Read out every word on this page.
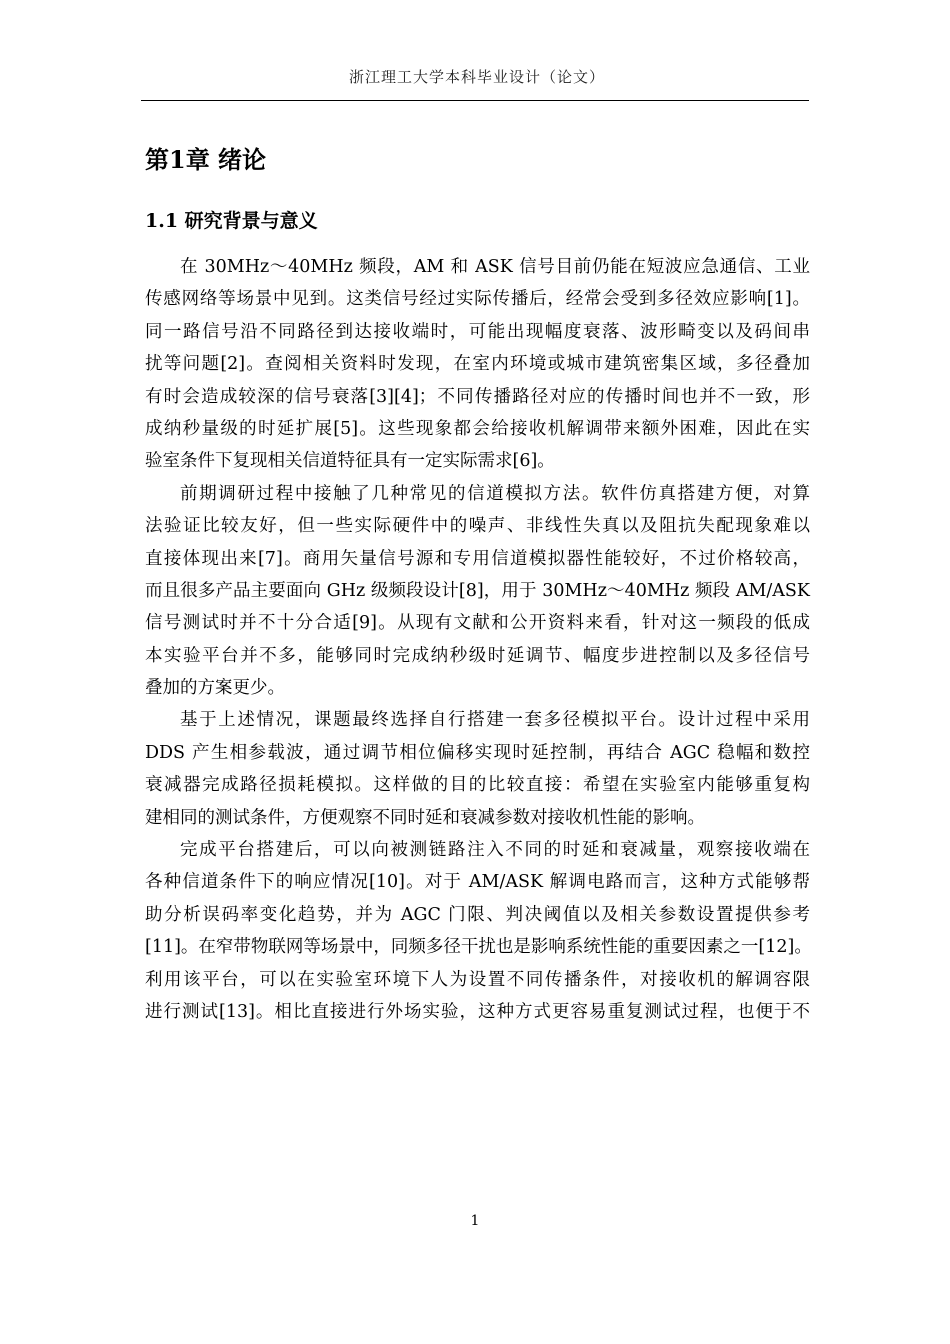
浙江理工大学本科毕业设计（论文）
第1章 绪论
1.1 研究背景与意义
在 30MHz～40MHz 频段，AM 和 ASK 信号目前仍能在短波应急通信、工业
传感网络等场景中见到。这类信号经过实际传播后，经常会受到多径效应影响[1]。
同一路信号沿不同路径到达接收端时，可能出现幅度衰落、波形畸变以及码间串
扰等问题[2]。查阅相关资料时发现，在室内环境或城市建筑密集区域，多径叠加
有时会造成较深的信号衰落[3][4]；不同传播路径对应的传播时间也并不一致，形
成纳秒量级的时延扩展[5]。这些现象都会给接收机解调带来额外困难，因此在实
验室条件下复现相关信道特征具有一定实际需求[6]。
前期调研过程中接触了几种常见的信道模拟方法。软件仿真搭建方便，对算
法验证比较友好，但一些实际硬件中的噪声、非线性失真以及阻抗失配现象难以
直接体现出来[7]。商用矢量信号源和专用信道模拟器性能较好，不过价格较高，
而且很多产品主要面向 GHz 级频段设计[8]，用于 30MHz～40MHz 频段 AM/ASK
信号测试时并不十分合适[9]。从现有文献和公开资料来看，针对这一频段的低成
本实验平台并不多，能够同时完成纳秒级时延调节、幅度步进控制以及多径信号
叠加的方案更少。
基于上述情况，课题最终选择自行搭建一套多径模拟平台。设计过程中采用
DDS 产生相参载波，通过调节相位偏移实现时延控制，再结合 AGC 稳幅和数控
衰减器完成路径损耗模拟。这样做的目的比较直接：希望在实验室内能够重复构
建相同的测试条件，方便观察不同时延和衰减参数对接收机性能的影响。
完成平台搭建后，可以向被测链路注入不同的时延和衰减量，观察接收端在
各种信道条件下的响应情况[10]。对于 AM/ASK 解调电路而言，这种方式能够帮
助分析误码率变化趋势，并为 AGC 门限、判决阈值以及相关参数设置提供参考
[11]。在窄带物联网等场景中，同频多径干扰也是影响系统性能的重要因素之一[12]。
利用该平台，可以在实验室环境下人为设置不同传播条件，对接收机的解调容限
进行测试[13]。相比直接进行外场实验，这种方式更容易重复测试过程，也便于不
1
